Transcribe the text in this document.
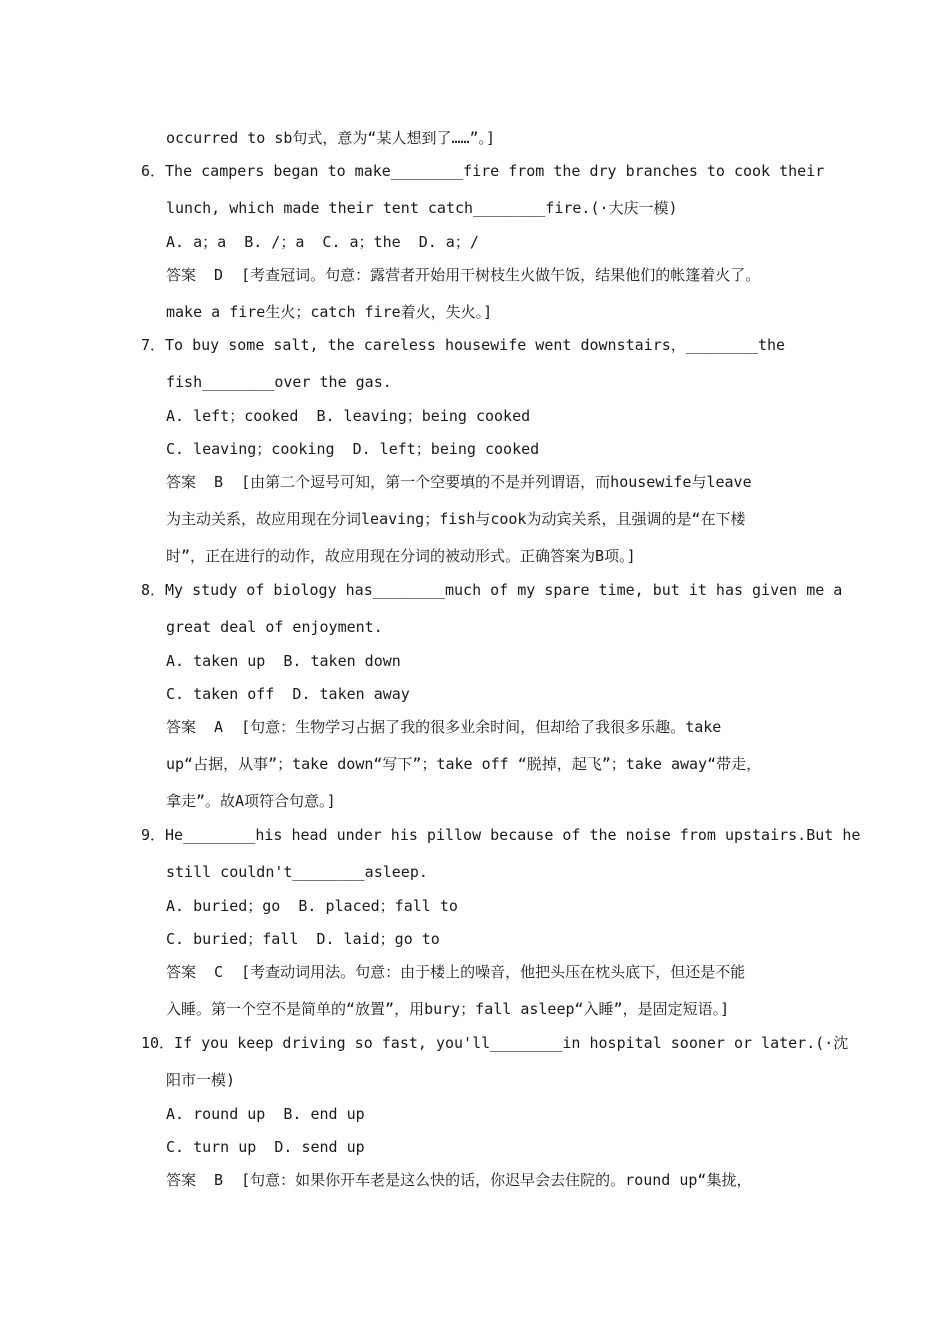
occurred to sb句式，意为“某人想到了……”。]
6．The campers began to make________fire from the dry branches to cook their
lunch, which made their tent catch________fire.(·大庆一模)
A. a；a  B. /；a  C. a；the  D. a；/
答案  D  [考查冠词。句意：露营者开始用干树枝生火做午饭，结果他们的帐篷着火了。
make a fire生火；catch fire着火，失火。]
7．To buy some salt, the careless housewife went downstairs，________the
fish________over the gas.
A. left；cooked  B. leaving；being cooked
C. leaving；cooking  D. left；being cooked
答案  B  [由第二个逗号可知，第一个空要填的不是并列谓语，而housewife与leave
为主动关系，故应用现在分词leaving；fish与cook为动宾关系，且强调的是“在下楼
时”，正在进行的动作，故应用现在分词的被动形式。正确答案为B项。]
8．My study of biology has________much of my spare time, but it has given me a
great deal of enjoyment.
A. taken up  B. taken down
C. taken off  D. taken away
答案  A  [句意：生物学习占据了我的很多业余时间，但却给了我很多乐趣。take
up“占据，从事”；take down“写下”；take off “脱掉，起飞”；take away“带走，
拿走”。故A项符合句意。]
9．He________his head under his pillow because of the noise from upstairs.But he
still couldn't________asleep.
A. buried；go  B. placed；fall to
C. buried；fall  D. laid；go to
答案  C  [考查动词用法。句意：由于楼上的噪音，他把头压在枕头底下，但还是不能
入睡。第一个空不是简单的“放置”，用bury；fall asleep“入睡”，是固定短语。]
10．If you keep driving so fast, you'll________in hospital sooner or later.(·沈
阳市一模)
A. round up  B. end up
C. turn up  D. send up
答案  B  [句意：如果你开车老是这么快的话，你迟早会去住院的。round up“集拢，
